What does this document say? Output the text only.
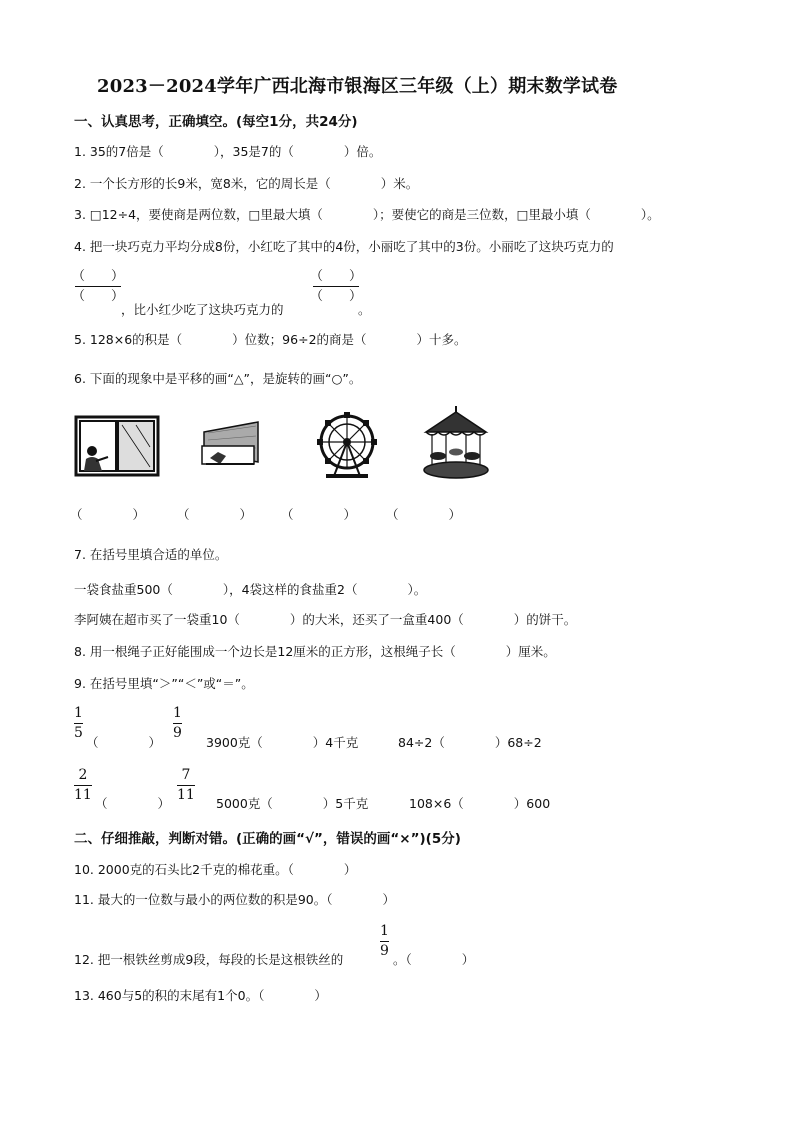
2023－2024学年广西北海市银海区三年级（上）期末数学试卷
一、认真思考，正确填空。(每空1分，共24分)
1. 35的7倍是（　　　　），35是7的（　　　　）倍。
2. 一个长方形的长9米，宽8米，它的周长是（　　　　）米。
3. □12÷4，要使商是两位数，□里最大填（　　　　）；要使它的商是三位数，□里最小填（　　　　）。
4. 把一块巧克力平均分成8份，小红吃了其中的4份，小丽吃了其中的3份。小丽吃了这块巧克力的
（　　）
（　　）
，比小红少吃了这块巧克力的
（　　）
（　　）
。
5. 128×6的积是（　　　　）位数；96÷2的商是（　　　　）十多。
6. 下面的现象中是平移的画“△”，是旋转的画“○”。
（　　　　）	（　　　　） （　　　　） （　　　　）
7. 在括号里填合适的单位。
一袋食盐重500（　　　　），4袋这样的食盐重2（　　　　）。
李阿姨在超市买了一袋重10（　　　　）的大米，还买了一盒重400（　　　　）的饼干。
8. 用一根绳子正好能围成一个边长是12厘米的正方形，这根绳子长（　　　　）厘米。
9. 在括号里填“＞”“＜”或“＝”。
1
5
（　　　　）
1
9
3900克（　　　　）4千克	84÷2（　　　　）68÷2
2
11
（　　　　）
7
11
5000克（　　　　）5千克	108×6（　　　　）600
二、仔细推敲，判断对错。(正确的画“√”，错误的画“×”)(5分)
10. 2000克的石头比2千克的棉花重。（　　　　）
11. 最大的一位数与最小的两位数的积是90。（　　　　）
12. 把一根铁丝剪成9段，每段的长是这根铁丝的
1
9
。（　　　　）
13. 460与5的积的末尾有1个0。（　　　　）
